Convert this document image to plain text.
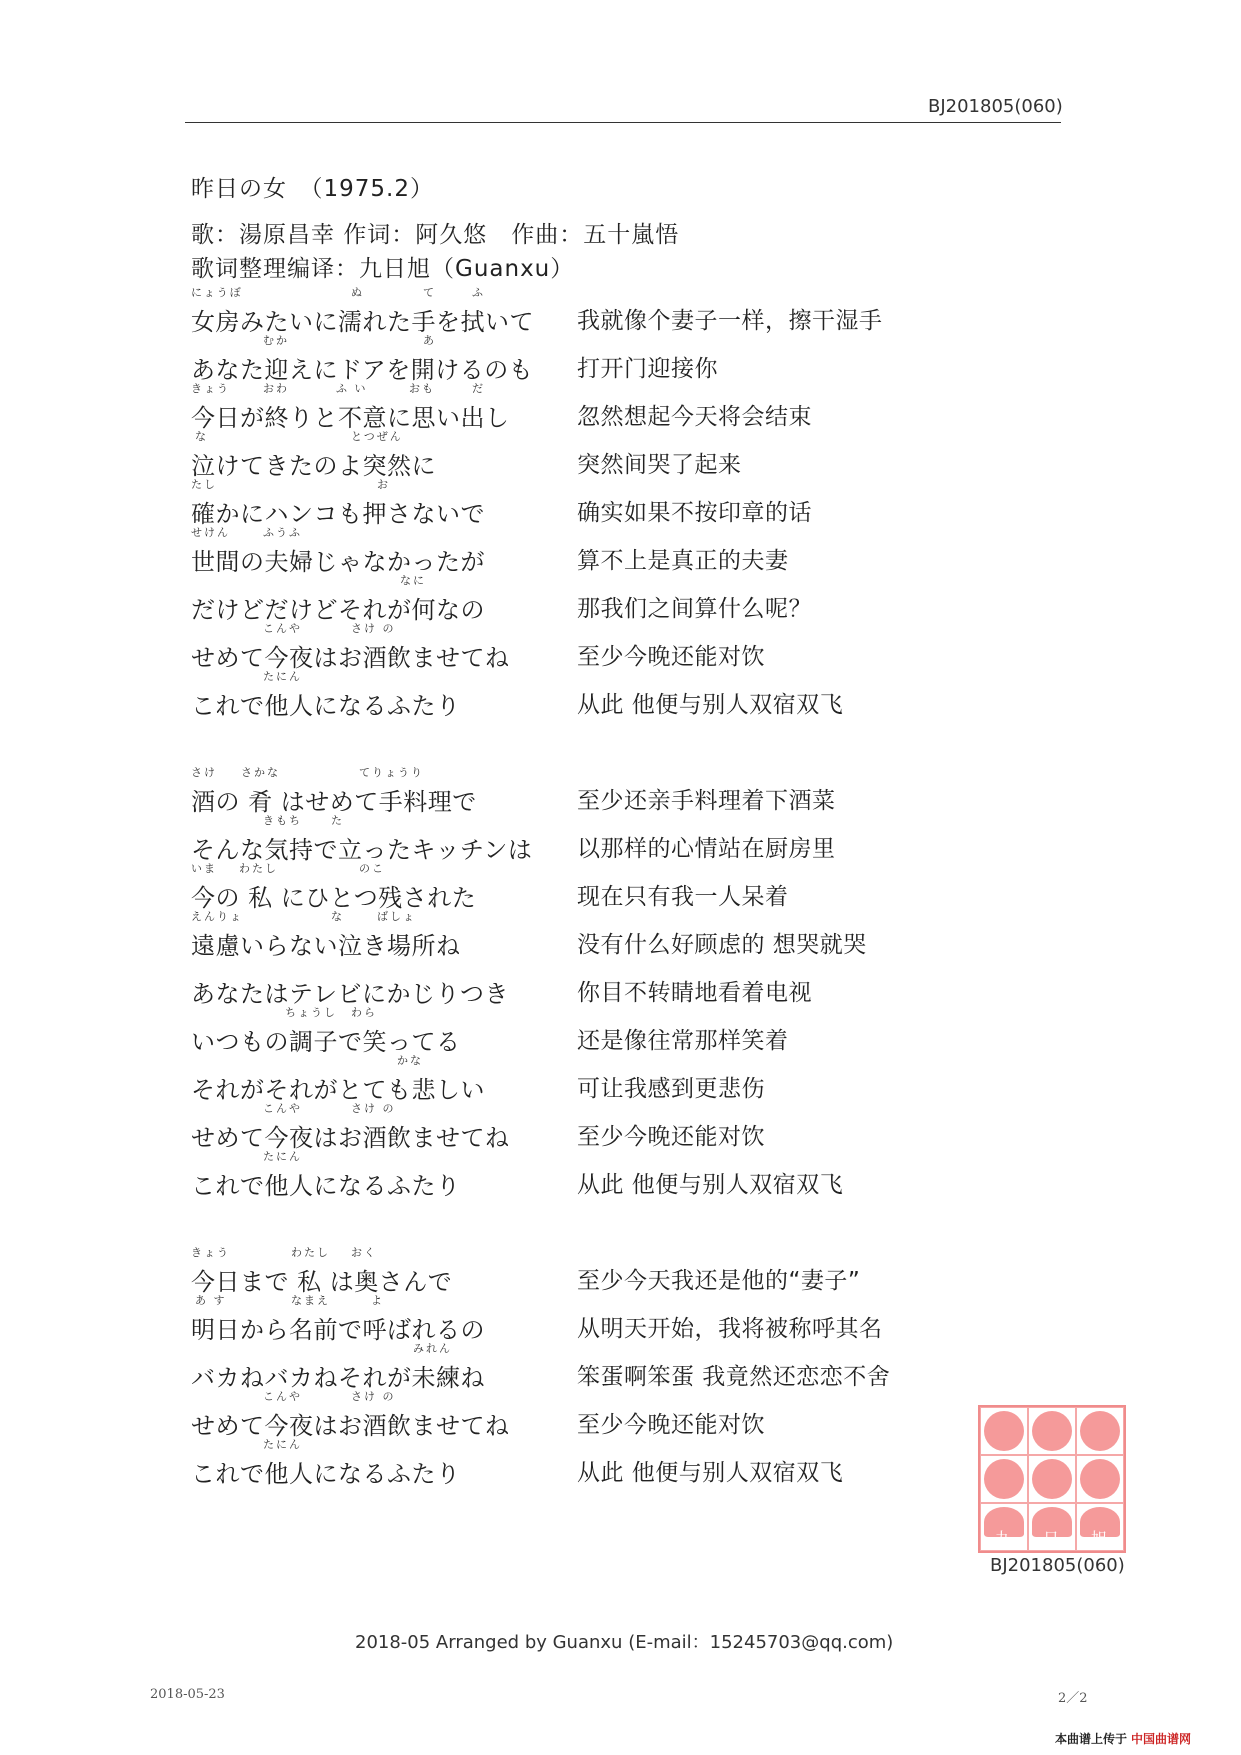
BJ201805(060)
昨日の女　（1975.2）
歌：湯原昌幸 作词：阿久悠　作曲：五十嵐悟
歌词整理编译：九日旭（Guanxu）
にょうぼ	ぬ	て	ふ
女房みたいに濡れた手を拭いて 我就像个妻子一样，擦干湿手
むか	あ
あなた迎えにドアを開けるのも 打开门迎接你
きょう	おわ	ふ い	おも	だ
今日が終りと不意に思い出し	忽然想起今天将会结束
な	とつぜん
泣けてきたのよ突然に	突然间哭了起来
たし	お
確かにハンコも押さないで	确实如果不按印章的话
せけん	ふうふ
世間の夫婦じゃなかったが	算不上是真正的夫妻
なに
だけどだけどそれが何なの	那我们之间算什么呢？
こんや	さけ の
せめて今夜はお酒飲ませてね	至少今晚还能对饮
たにん
これで他人になるふたり	从此 他便与别人双宿双飞
さけ さかな	てりょうり
酒の 肴 はせめて手料理で	至少还亲手料理着下酒菜
きもち	た
そんな気持で立ったキッチンは 以那样的心情站在厨房里
いま わたし	のこ
今の 私 にひとつ残された	现在只有我一人呆着
えんりょ	な	ばしょ
遠慮いらない泣き場所ね	没有什么好顾虑的 想哭就哭
あなたはテレビにかじりつき	你目不转睛地看着电视
ちょうし わら
いつもの調子で笑ってる	还是像往常那样笑着
かな
それがそれがとても悲しい	可让我感到更悲伤
こんや	さけ の
せめて今夜はお酒飲ませてね	至少今晚还能对饮
たにん
これで他人になるふたり	从此 他便与别人双宿双飞
きょう	わたし おく
今日まで 私 は奥さんで	至少今天我还是他的“妻子”
あ す	なまえ	よ
明日から名前で呼ばれるの	从明天开始，我将被称呼其名
みれん
バカねバカねそれが未練ね	笨蛋啊笨蛋 我竟然还恋恋不舍
こんや	さけ の
せめて今夜はお酒飲ませてね	至少今晚还能对饮
たにん
これで他人になるふたり	从此 他便与别人双宿双飞
九 日 旭
BJ201805(060)
2018-05 Arranged by Guanxu (E-mail：15245703@qq.com)
2018-05-23	2／2
本曲谱上传于 中国曲谱网
